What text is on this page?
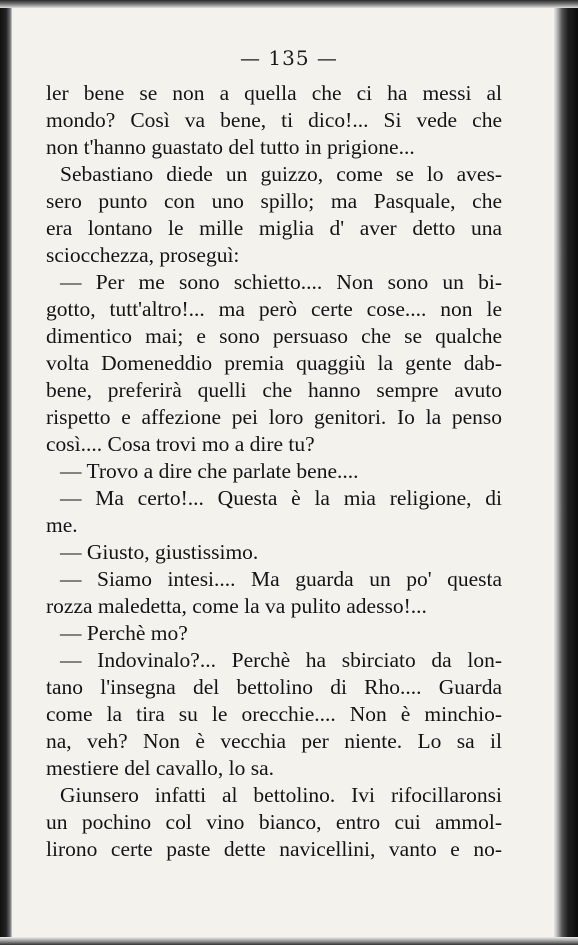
— 135 —
ler bene se non a quella che ci ha messi al
mondo? Così va bene, ti dico!... Si vede che
non t'hanno guastato del tutto in prigione...
Sebastiano diede un guizzo, come se lo aves-
sero punto con uno spillo; ma Pasquale, che
era lontano le mille miglia d' aver detto una
sciocchezza, proseguì:
— Per me sono schietto.... Non sono un bi-
gotto, tutt'altro!... ma però certe cose.... non le
dimentico mai; e sono persuaso che se qualche
volta Domeneddio premia quaggiù la gente dab-
bene, preferirà quelli che hanno sempre avuto
rispetto e affezione pei loro genitori. Io la penso
così.... Cosa trovi mo a dire tu?
— Trovo a dire che parlate bene....
— Ma certo!... Questa è la mia religione, di
me.
— Giusto, giustissimo.
— Siamo intesi.... Ma guarda un po' questa
rozza maledetta, come la va pulito adesso!...
— Perchè mo?
— Indovinalo?... Perchè ha sbirciato da lon-
tano l'insegna del bettolino di Rho.... Guarda
come la tira su le orecchie.... Non è minchio-
na, veh? Non è vecchia per niente. Lo sa il
mestiere del cavallo, lo sa.
Giunsero infatti al bettolino. Ivi rifocillaronsi
un pochino col vino bianco, entro cui ammol-
lirono certe paste dette navicellini, vanto e no-
